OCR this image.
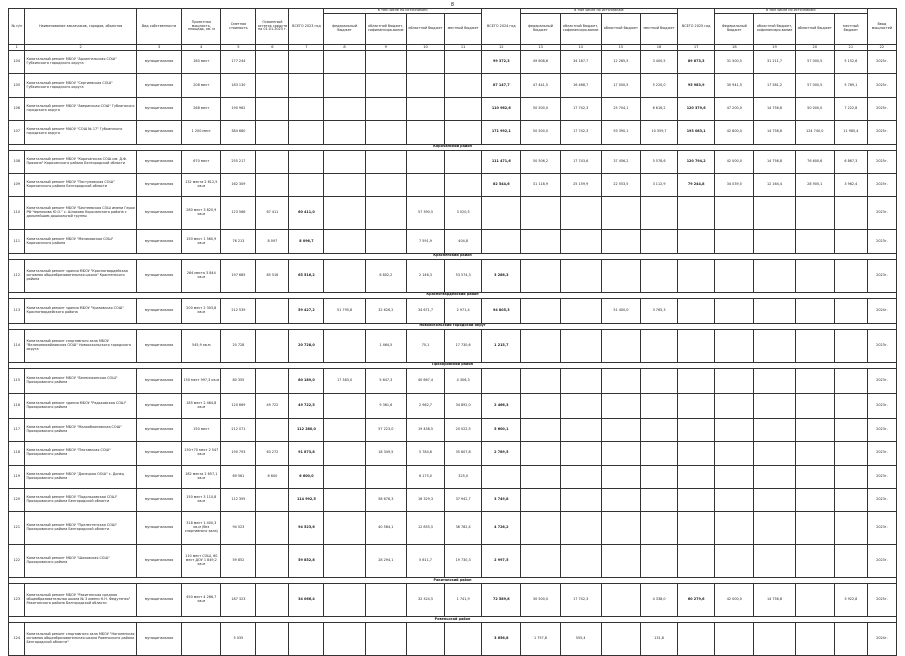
8
№ п/п	Наименование заказчиков, городов, объектов	Вид собственности	Проектная мощность, площадь, кв. м	Сметная стоимость	Освоенный остаток средств на 01.01.2023 г.	ВСЕГО 2023 год	в том числе по источникам:				ВСЕГО 2024 год	в том числе по источникам:				ВСЕГО 2025 год	в том числе по источникам:				Ввод мощностей
							федеральный бюджет	областной бюджет, софинансиро-вание	областной бюджет	местный бюджет		федеральный бюджет	областной бюджет, софинансиро-вание	областной бюджет	местный бюджет		Федеральный бюджет	областной бюджет, софинансиро-вание	областной бюджет	местный бюджет	
1	2	3	4	5	6	7	8	9	10	11	12	13	14	15	16	17	18	19	20	21	22
104	Капитальный ремонт МБОУ "Архангельская СОШ" Губкинского городского округа	муниципальная	180 мест	177 244							99 372,3	49 808,6	34 187,7	12 265,5	3 400,5	89 873,3	31 500,5	31 211,7	57 000,5	5 152,6	2025г.
105	Капитальный ремонт МБОУ "Сергиевская СОШ" Губкинского городского округа	муниципальная	208 мест	183 130							87 147,7	47 441,5	16 468,7	17 000,5	5 220,0	95 983,9	30 941,5	17 581,2	57 000,5	5 789,1	2025г.
106	Капитальный ремонт МБОУ "Аверинская СОШ" Губкинского городского округа	муниципальная	268 мест	190 962							110 962,6	50 500,0	17 742,3	25 704,1	6 616,2	120 379,6	47 200,0	14 756,8	50 000,0	7 222,8	2025г.
107	Капитальный ремонт МАОУ "СОШ № 17" Губкинского городского округа	муниципальная	1 200 мест	384 680							171 992,1	50 500,0	17 742,3	93 390,1	10 359,7	193 083,1	42 800,0	14 756,8	124 740,0	11 985,4	2025г.
Корочанский район																					
108	Капитальный ремонт МБОУ "Корочанская СОШ им. Д.Ф. Пряхина" Корочанского района Белгородской области	муниципальная	670 мест	255 217							111 471,6	50 506,2	17 743,6	37 456,2	5 578,6	120 794,2	42 000,0	14 756,8	76 600,6	6 867,3	2025г.
109	Капитальный ремонт МБОУ "Пестуновская СОШ" Корочанского района Белгородской области	муниципальная	132 места 2 812,5 кв.м	162 309							82 544,6	31 118,9	25 159,9	22 553,5	3 112,9	79 244,8	34 039,5	12 164,4	28 900,1	3 962,4	2025г.
110	Капитальный ремонт МБОУ "Бехтеевская СОШ имени Героя РФ Черникова Ю.О." с. Шляхово Корочанского района с дальнейшим дошкольной группы	муниципальная	280 мест 3 820,9 кв.м	123 566	67 411	60 411,0			57 390,5	3 020,5											2023г.
111	Капитальный ремонт МБОУ "Мелиховская СОШ" Корочанского района	муниципальная	150 мест 1 560,9 кв.м	76 213	8 097	8 096,7			7 591,9	404,8											2023г.
Красненский район																					
112	Капитальный ремонт здания МБОУ "Красногвардейская основная общеобразовательная школа" Красненского района	муниципальная	264 места 3 844 кв.м	197 685	65 516	65 516,2		6 802,2	2 146,3	53 574,3	3 286,3										2023г.
Красногвардейский район																					
113	Капитальный ремонт здания МБОУ "Уразовская СОШ" Красногвардейского района	муниципальная	200 мест 2 303,8 кв.м	212 539		59 427,2	51 795,8	32 626,2	34 671,7	2 971,4	94 805,3			51 400,0	3 765,3						2024г.
Новооскольский городской округ																					
114	Капитальный ремонт спортивного зала МБОУ "Великомихайловская ООШ" Новооскольского городского округа	муниципальная	545,9 кв.м	20 728		20 728,0		1 464,5	70,1	17 730,6	1 215,7										2023г.
Прохоровский район																					
115	Капитальный ремонт МБОУ "Беленихинская СОШ" Прохоровского района	муниципальная	150 мест 997,3 кв.м	80 355		80 189,0	17 383,0	5 647,3	40 667,4	4 306,3											2023г.
116	Капитальный ремонт здания МБОУ "Радьковская СОШ" Прохоровского района	муниципальная	185 мест 2 464,8 кв.м	120 669	49 722	49 722,5		9 361,6	2 962,7	34 892,0	2 466,3										2023г.
117	Капитальный ремонт МБОУ "Малояблоновская СОШ" Прохоровского района	муниципальная	150 мест	212 071		112 280,0		57 223,0	19 458,5	20 022,5	5 600,1										2023г.
118	Капитальный ремонт МБОУ "Плотавская СОШ" Прохоровского района	муниципальная	150+70 мест 2 547 кв.м	190 793	63 272	91 873,8		18 349,5	5 784,6	35 807,8	2 789,5										2023г.
119	Капитальный ремонт МБОУ "Донецкая ООШ" с. Донец Прохоровского района	муниципальная	182 места 2 657,1 кв.м	69 561	6 600	6 600,0			6 175,0	325,0											2023г.
120	Капитальный ремонт МБОУ "Подольховская СОШ" Прохоровского района Белгородской области	муниципальная	150 мест 3 110,8 кв.м	112 395		114 992,5		58 676,3	16 329,3	37 942,7	3 749,8										2023г.
121	Капитальный ремонт МБОУ "Прелестенская СОШ" Прохоровского района Белгородской области	муниципальная	318 мест 1 400,3 кв.м (без спортивного зала)	94 523		94 523,6		40 584,1	12 855,5	36 782,4	4 726,2										2023г.
122	Капитальный ремонт МБОУ "Шаховская СОШ" Прохоровского района	муниципальная	110 мест СОШ, 60 мест ДОУ 1 849,2 кв.м	59 852		59 852,8		28 294,1	5 611,7	19 730,3	2 997,5										2023г.
Ракитянский район																					
123	Капитальный ремонт МБОУ "Ракитянская средняя общеобразовательная школа № 3 имени Н.Н. Федутенко" Ракитянского района Белгородской области	муниципальная	450 мест 4 266,7 кв.м	187 323		34 066,4			32 324,5	1 741,9	72 589,8	30 500,0	17 742,3		4 338,0	60 279,6	42 000,0	14 756,8		3 922,8	2025г.
Ровеньской район																					
124	Капитальный ремонт спортивного зала МБОУ "Наголенская основная общеобразовательная школа Ровеньского района Белгородской области"	муниципальная		5 035							3 656,8	1 757,8	555,4		131,8						2024г.
